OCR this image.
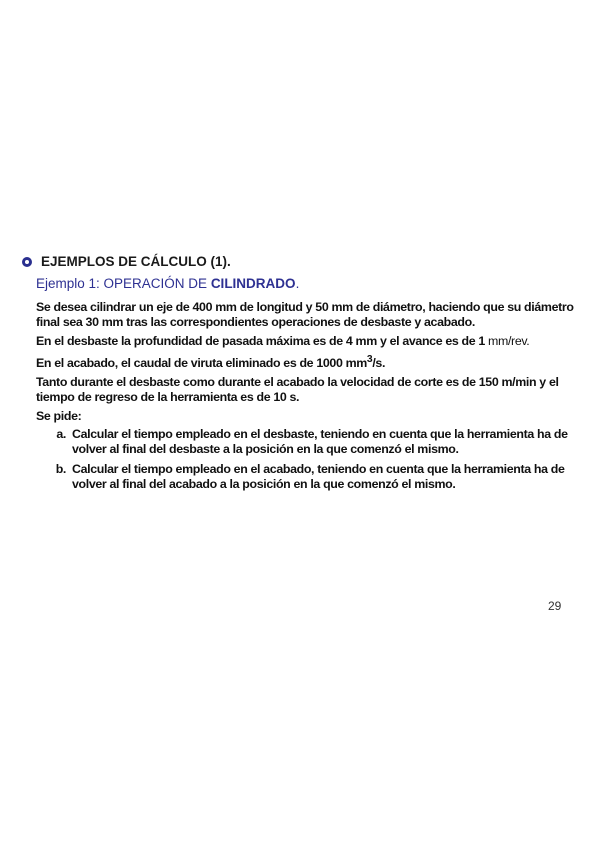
EJEMPLOS DE CÁLCULO (1).
Ejemplo 1: OPERACIÓN DE CILINDRADO.

Se desea cilindrar un eje de 400 mm de longitud y 50 mm de diámetro, haciendo que su diámetro final sea 30 mm tras las correspondientes operaciones de desbaste y acabado.

En el desbaste la profundidad de pasada máxima es de 4 mm y el avance es de 1 mm/rev.

En el acabado, el caudal de viruta eliminado es de 1000 $mm^3/s$.

Tanto durante el desbaste como durante el acabado la velocidad de corte es de 150 m/min y el tiempo de regreso de la herramienta es de 10 s.

Se pide:

a. Calcular el tiempo empleado en el desbaste, teniendo en cuenta que la herramienta ha de volver al final del desbaste a la posición en la que comenzó el mismo.
b. Calcular el tiempo empleado en el acabado, teniendo en cuenta que la herramienta ha de volver al final del acabado a la posición en la que comenzó el mismo.
29
